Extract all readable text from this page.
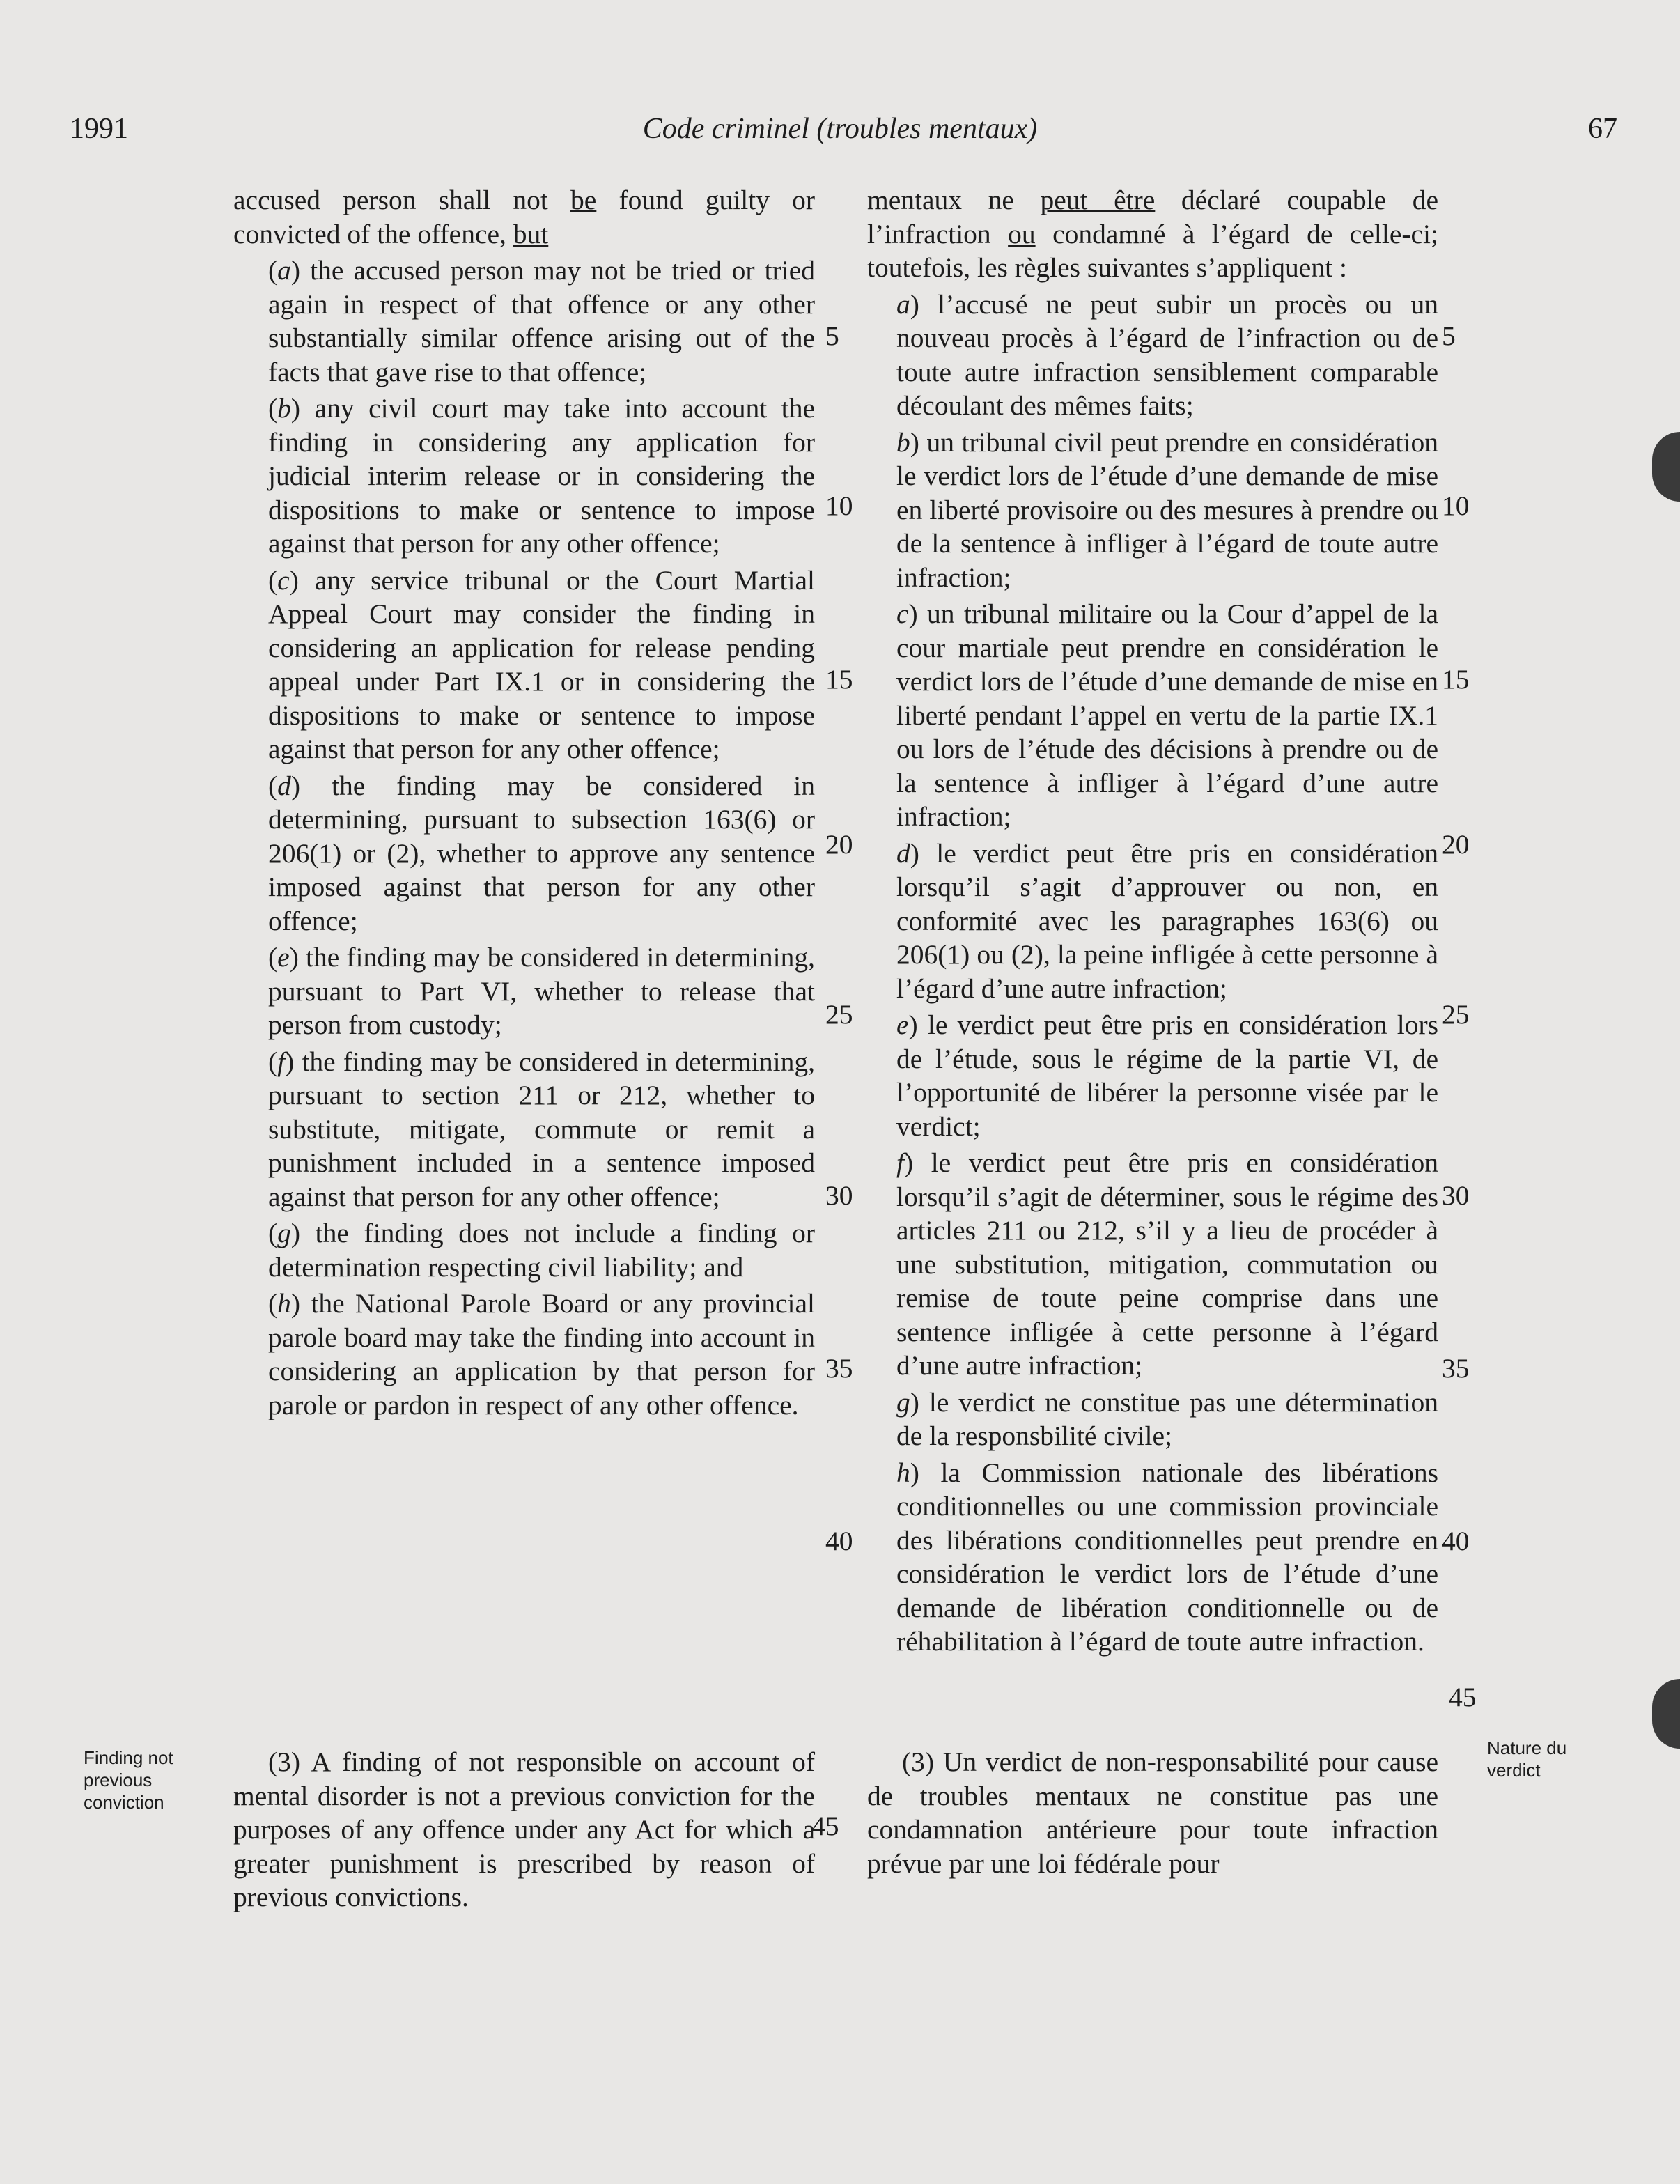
1991	Code criminel (troubles mentaux)	67

accused person shall not be found guilty or convicted of the offence, but

(a) the accused person may not be tried or tried again in respect of that offence or any other substantially similar offence arising out of the facts that gave rise to that offence;

(b) any civil court may take into account the finding in considering any application for judicial interim release or in considering the dispositions to make or sentence to impose against that person for any other offence;

(c) any service tribunal or the Court Martial Appeal Court may consider the finding in considering an application for release pending appeal under Part IX.1 or in considering the dispositions to make or sentence to impose against that person for any other offence;

(d) the finding may be considered in determining, pursuant to subsection 163(6) or 206(1) or (2), whether to approve any sentence imposed against that person for any other offence;

(e) the finding may be considered in determining, pursuant to Part VI, whether to release that person from custody;

(f) the finding may be considered in determining, pursuant to section 211 or 212, whether to substitute, mitigate, commute or remit a punishment included in a sentence imposed against that person for any other offence;

(g) the finding does not include a finding or determination respecting civil liability; and

(h) the National Parole Board or any provincial parole board may take the finding into account in considering an application by that person for parole or pardon in respect of any other offence.

(3) A finding of not responsible on account of mental disorder is not a previous conviction for the purposes of any offence under any Act for which a greater punishment is prescribed by reason of previous convictions.
Finding not previous conviction

mentaux ne peut être déclaré coupable de l’infraction ou condamné à l’égard de celle-ci; toutefois, les règles suivantes s’appliquent :

a) l’accusé ne peut subir un procès ou un nouveau procès à l’égard de l’infraction ou de toute autre infraction sensiblement comparable découlant des mêmes faits;

b) un tribunal civil peut prendre en considération le verdict lors de l’étude d’une demande de mise en liberté provisoire ou des mesures à prendre ou de la sentence à infliger à l’égard de toute autre infraction;

c) un tribunal militaire ou la Cour d’appel de la cour martiale peut prendre en considération le verdict lors de l’étude d’une demande de mise en liberté pendant l’appel en vertu de la partie IX.1 ou lors de l’étude des décisions à prendre ou de la sentence à infliger à l’égard d’une autre infraction;

d) le verdict peut être pris en considération lorsqu’il s’agit d’approuver ou non, en conformité avec les paragraphes 163(6) ou 206(1) ou (2), la peine infligée à cette personne à l’égard d’une autre infraction;

e) le verdict peut être pris en considération lors de l’étude, sous le régime de la partie VI, de l’opportunité de libérer la personne visée par le verdict;

f) le verdict peut être pris en considération lorsqu’il s’agit de déterminer, sous le régime des articles 211 ou 212, s’il y a lieu de procéder à une substitution, mitigation, commutation ou remise de toute peine comprise dans une sentence infligée à cette personne à l’égard d’une autre infraction;

g) le verdict ne constitue pas une détermination de la responsbilité civile;

h) la Commission nationale des libérations conditionnelles ou une commission provinciale des libérations conditionnelles peut prendre en considération le verdict lors de l’étude d’une demande de libération conditionnelle ou de réhabilitation à l’égard de toute autre infraction.

(3) Un verdict de non-responsabilité pour cause de troubles mentaux ne constitue pas une condamnation antérieure pour toute infraction prévue par une loi fédérale pour
Nature du verdict
5
10
15
20
25
30
35
40
45
5
10
15
20
25
30
35
40
45
